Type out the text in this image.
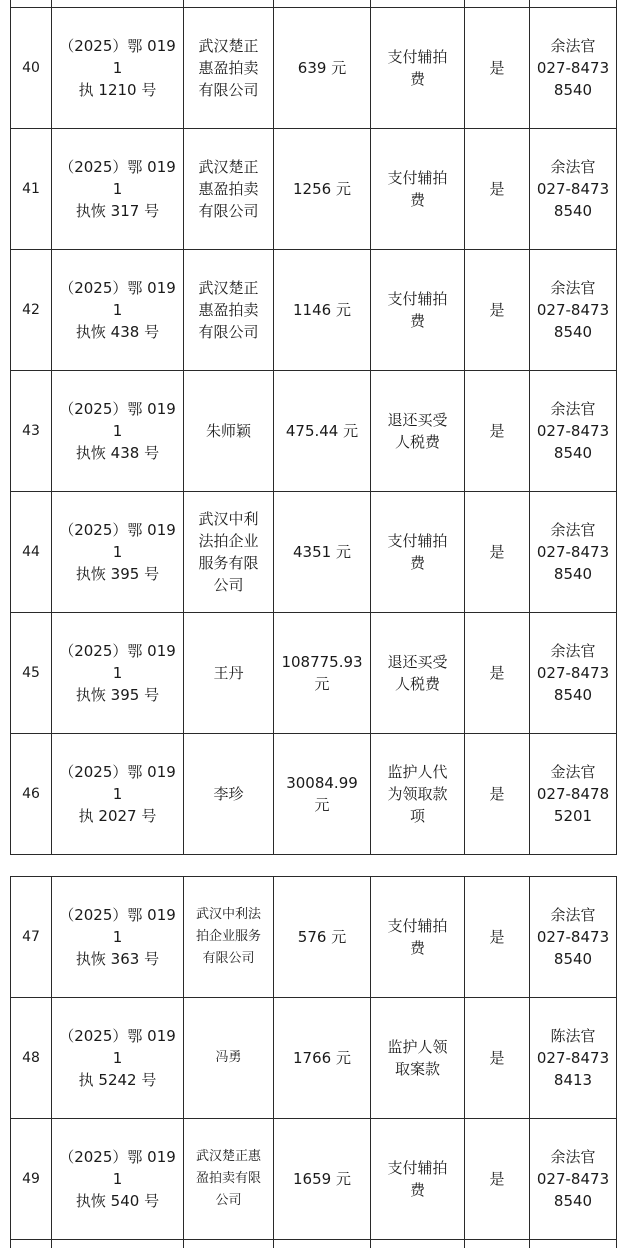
40	（2025）鄂 0191
执 1210 号	武汉楚正
惠盈拍卖
有限公司	639 元	支付辅拍
费	是	余法官
027-8473
8540
41	（2025）鄂 0191
执恢 317 号	武汉楚正
惠盈拍卖
有限公司	1256 元	支付辅拍
费	是	余法官
027-8473
8540
42	（2025）鄂 0191
执恢 438 号	武汉楚正
惠盈拍卖
有限公司	1146 元	支付辅拍
费	是	余法官
027-8473
8540
43	（2025）鄂 0191
执恢 438 号	朱师颖	475.44 元	退还买受
人税费	是	余法官
027-8473
8540
44	（2025）鄂 0191
执恢 395 号	武汉中利
法拍企业
服务有限
公司	4351 元	支付辅拍
费	是	余法官
027-8473
8540
45	（2025）鄂 0191
执恢 395 号	王丹	108775.93
元	退还买受
人税费	是	余法官
027-8473
8540
46	（2025）鄂 0191
执 2027 号	李珍	30084.99
元	监护人代
为领取款
项	是	金法官
027-8478
5201
47	（2025）鄂 0191
执恢 363 号	武汉中利法
拍企业服务
有限公司	576 元	支付辅拍
费	是	余法官
027-8473
8540
48	（2025）鄂 0191
执 5242 号	冯勇	1766 元	监护人领
取案款	是	陈法官
027-8473
8413
49	（2025）鄂 0191
执恢 540 号	武汉楚正惠
盈拍卖有限
公司	1659 元	支付辅拍
费	是	余法官
027-8473
8540
